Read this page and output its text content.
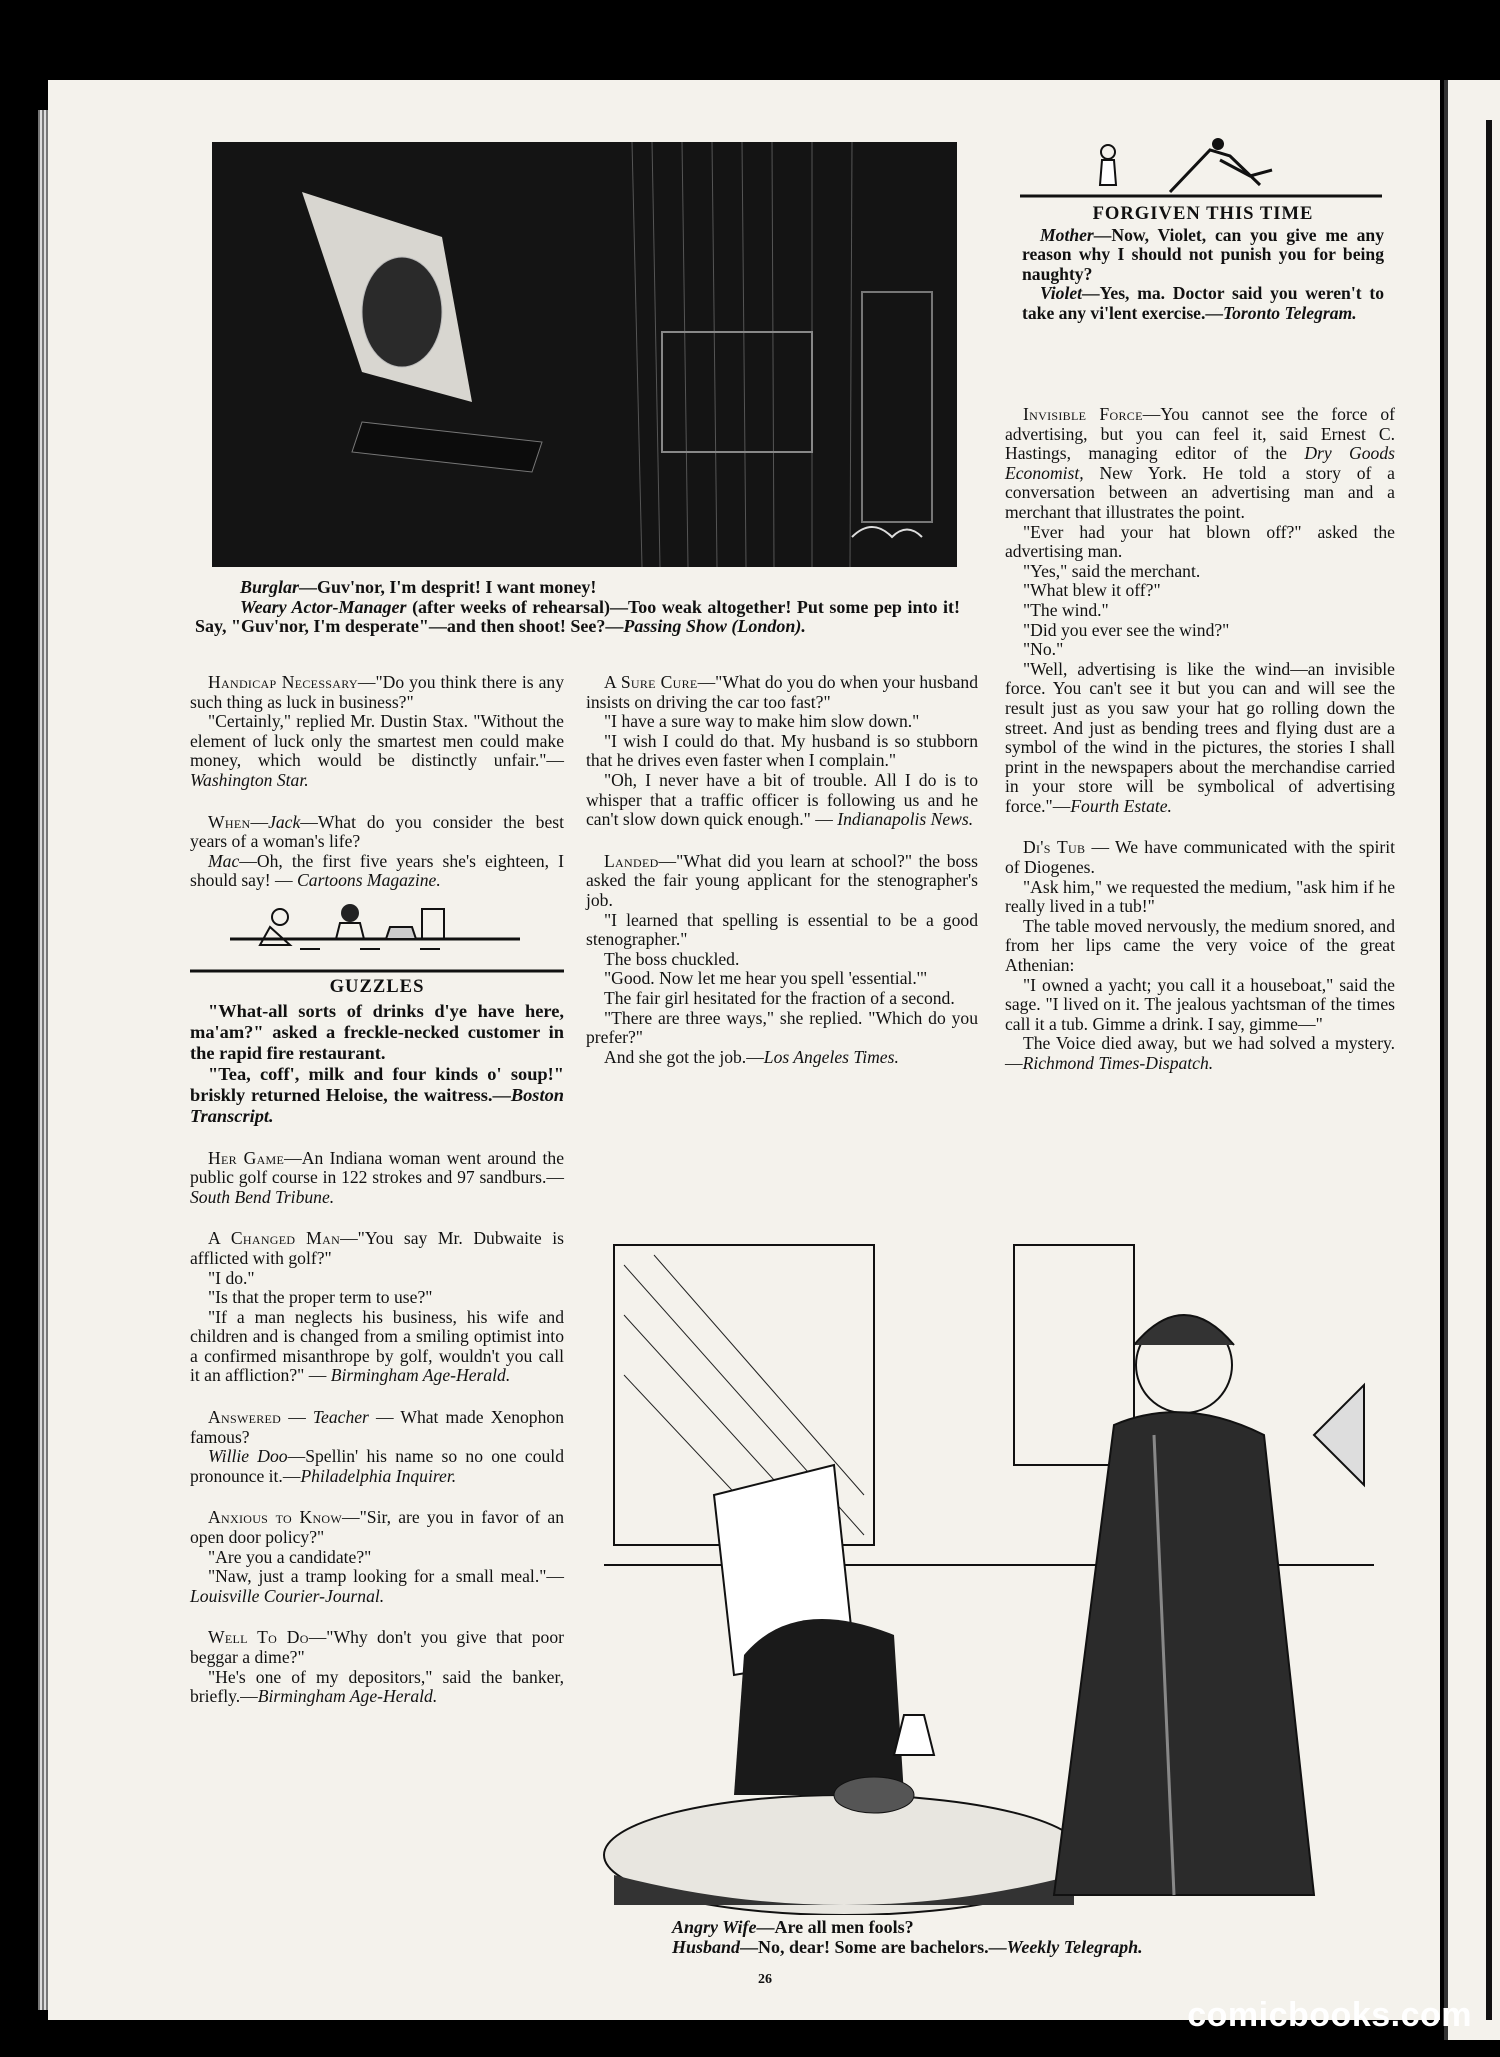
Burglar—Guv'nor, I'm desprit! I want money!

Weary Actor-Manager (after weeks of rehearsal)—Too weak altogether! Put some pep into it! Say, "Guv'nor, I'm desperate"—and then shoot! See?—Passing Show (London).

FORGIVEN THIS TIME

Mother—Now, Violet, can you give me any reason why I should not punish you for being naughty?

Violet—Yes, ma. Doctor said you weren't to take any vi'lent exercise.—Toronto Telegram.

Invisible Force—You cannot see the force of advertising, but you can feel it, said Ernest C. Hastings, managing editor of the Dry Goods Economist, New York. He told a story of a conversation between an advertising man and a merchant that illustrates the point.

"Ever had your hat blown off?" asked the advertising man.

"Yes," said the merchant.

"What blew it off?"

"The wind."

"Did you ever see the wind?"

"No."

"Well, advertising is like the wind—an invisible force. You can't see it but you can and will see the result just as you saw your hat go rolling down the street. And just as bending trees and flying dust are a symbol of the wind in the pictures, the stories I shall print in the newspapers about the merchandise carried in your store will be symbolical of advertising force."—Fourth Estate.

Di's Tub — We have communicated with the spirit of Diogenes.

"Ask him," we requested the medium, "ask him if he really lived in a tub!"

The table moved nervously, the medium snored, and from her lips came the very voice of the great Athenian:

"I owned a yacht; you call it a houseboat," said the sage. "I lived on it. The jealous yachtsman of the times call it a tub. Gimme a drink. I say, gimme—"

The Voice died away, but we had solved a mystery.—Richmond Times-Dispatch.

Handicap Necessary—"Do you think there is any such thing as luck in business?"

"Certainly," replied Mr. Dustin Stax. "Without the element of luck only the smartest men could make money, which would be distinctly unfair."—Washington Star.

When—Jack—What do you consider the best years of a woman's life?

Mac—Oh, the first five years she's eighteen, I should say! — Cartoons Magazine.

GUZZLES

"What-all sorts of drinks d'ye have here, ma'am?" asked a freckle-necked customer in the rapid fire restaurant.

"Tea, coff', milk and four kinds o' soup!" briskly returned Heloise, the waitress.—Boston Transcript.

Her Game—An Indiana woman went around the public golf course in 122 strokes and 97 sandburs.—South Bend Tribune.

A Changed Man—"You say Mr. Dubwaite is afflicted with golf?"

"I do."

"Is that the proper term to use?"

"If a man neglects his business, his wife and children and is changed from a smiling optimist into a confirmed misanthrope by golf, wouldn't you call it an affliction?" — Birmingham Age-Herald.

Answered — Teacher — What made Xenophon famous?

Willie Doo—Spellin' his name so no one could pronounce it.—Philadelphia Inquirer.

Anxious to Know—"Sir, are you in favor of an open door policy?"

"Are you a candidate?"

"Naw, just a tramp looking for a small meal."—Louisville Courier-Journal.

Well To Do—"Why don't you give that poor beggar a dime?"

"He's one of my depositors," said the banker, briefly.—Birmingham Age-Herald.

A Sure Cure—"What do you do when your husband insists on driving the car too fast?"

"I have a sure way to make him slow down."

"I wish I could do that. My husband is so stubborn that he drives even faster when I complain."

"Oh, I never have a bit of trouble. All I do is to whisper that a traffic officer is following us and he can't slow down quick enough." — Indianapolis News.

Landed—"What did you learn at school?" the boss asked the fair young applicant for the stenographer's job.

"I learned that spelling is essential to be a good stenographer."

The boss chuckled.

"Good. Now let me hear you spell 'essential.'"

The fair girl hesitated for the fraction of a second.

"There are three ways," she replied. "Which do you prefer?"

And she got the job.—Los Angeles Times.

Angry Wife—Are all men fools?

Husband—No, dear! Some are bachelors.—Weekly Telegraph.

26
comicbooks.com
